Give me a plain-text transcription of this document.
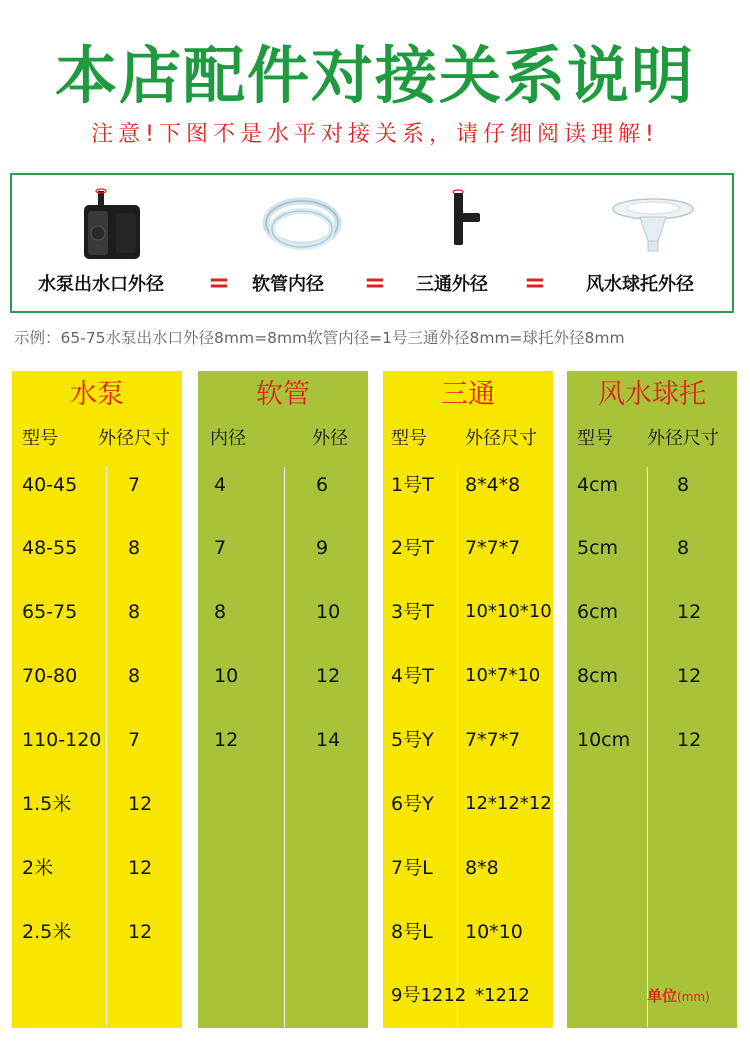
本店配件对接关系说明
注意!下图不是水平对接关系，请仔细阅读理解!
水泵出水口外径 = 软管内径 = 三通外径 = 风水球托外径
示例：65-75水泵出水口外径8mm=8mm软管内径=1号三通外径8mm=球托外径8mm
水泵
型号 外径尺寸
40-45	7
48-55	8
65-75	8
70-80	8
110-120 7
1.5米	12
2米	12
2.5米	12
软管
内径	外径
4	6
7	9
8	10
10	12
12	14
三通
型号 外径尺寸
1号T 8*4*8
2号T 7*7*7
3号T 10*10*10
4号T 10*7*10
5号Y 7*7*7
6号Y 12*12*12
7号L 8*8
8号L 10*10
9号1212 *1212
风水球托
型号 外径尺寸
4cm	8
5cm	8
6cm	12
8cm	12
10cm 12
单位(mm)
